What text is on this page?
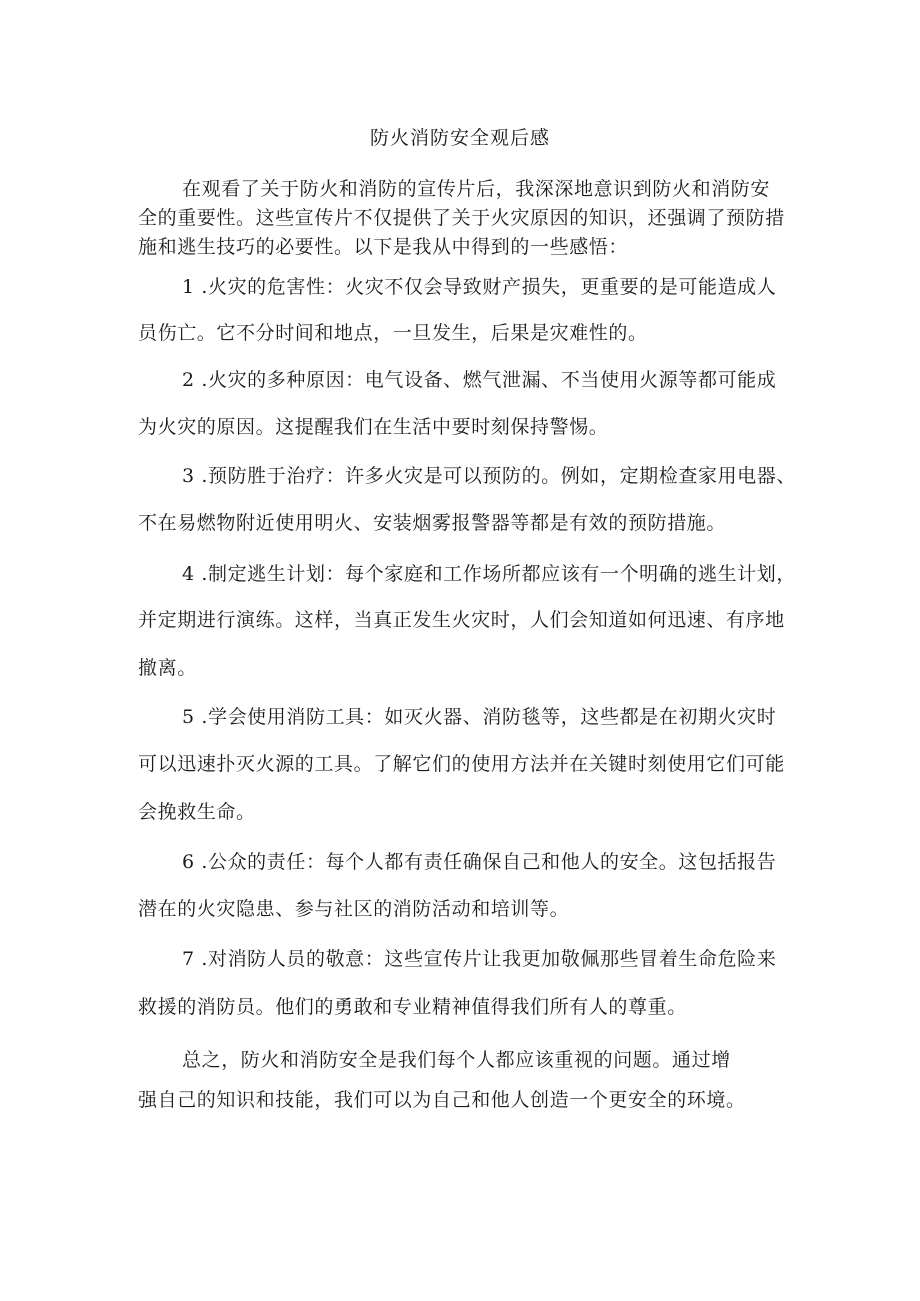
防火消防安全观后感
在观看了关于防火和消防的宣传片后，我深深地意识到防火和消防安
全的重要性。这些宣传片不仅提供了关于火灾原因的知识，还强调了预防措
施和逃生技巧的必要性。以下是我从中得到的一些感悟：
1 .火灾的危害性：火灾不仅会导致财产损失，更重要的是可能造成人
员伤亡。它不分时间和地点，一旦发生，后果是灾难性的。
2 .火灾的多种原因：电气设备、燃气泄漏、不当使用火源等都可能成
为火灾的原因。这提醒我们在生活中要时刻保持警惕。
3 .预防胜于治疗：许多火灾是可以预防的。例如，定期检查家用电器、
不在易燃物附近使用明火、安装烟雾报警器等都是有效的预防措施。
4 .制定逃生计划：每个家庭和工作场所都应该有一个明确的逃生计划，
并定期进行演练。这样，当真正发生火灾时，人们会知道如何迅速、有序地
撤离。
5 .学会使用消防工具：如灭火器、消防毯等，这些都是在初期火灾时
可以迅速扑灭火源的工具。了解它们的使用方法并在关键时刻使用它们可能
会挽救生命。
6 .公众的责任：每个人都有责任确保自己和他人的安全。这包括报告
潜在的火灾隐患、参与社区的消防活动和培训等。
7 .对消防人员的敬意：这些宣传片让我更加敬佩那些冒着生命危险来
救援的消防员。他们的勇敢和专业精神值得我们所有人的尊重。
总之，防火和消防安全是我们每个人都应该重视的问题。通过增
强自己的知识和技能，我们可以为自己和他人创造一个更安全的环境。
